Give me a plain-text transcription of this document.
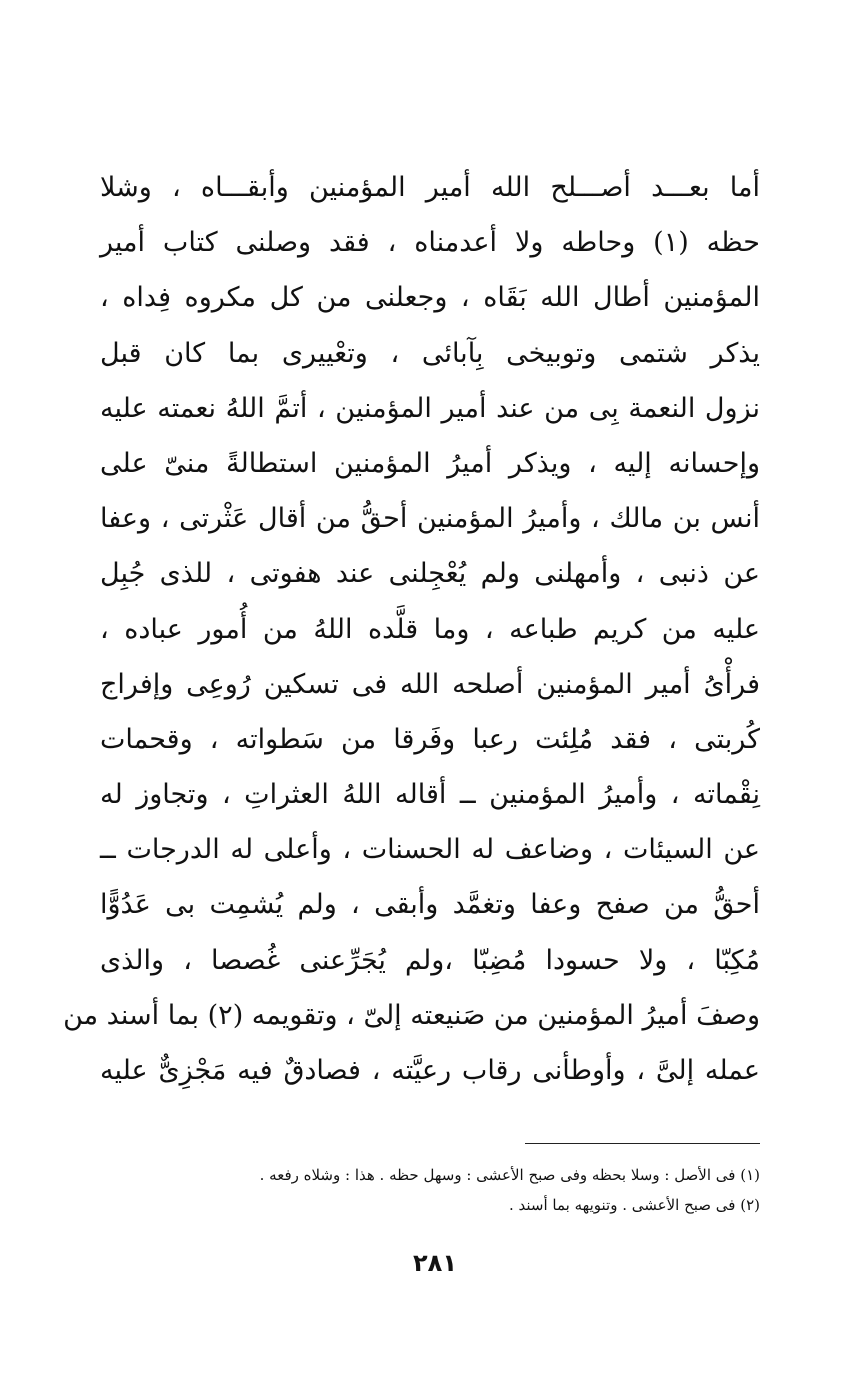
أما بعـــد أصـــلح الله أمير المؤمنين وأبقـــاه ، وشلا
حظه (١) وحاطه ولا أعدمناه ، فقد وصلنى كتاب أمير
المؤمنين أطال الله بَقَاه ، وجعلنى من كل مكروه فِداه ،
يذكر شتمى وتوبيخى بِآبائى ، وتعْييرى بما كان قبل
نزول النعمة بِى من عند أمير المؤمنين ، أتمَّ اللهُ نعمته عليه
وإحسانه إليه ، ويذكر أميرُ المؤمنين استطالةً منىّ على
أنس بن مالك ، وأميرُ المؤمنين أحقُّ من أقال عَثْرتى ، وعفا
عن ذنبى ، وأمهلنى ولم يُعْجِلنى عند هفوتى ، للذى جُبِل
عليه من كريم طباعه ، وما قلَّده اللهُ من أُمور عباده ،
فرأْىُ أمير المؤمنين أصلحه الله فى تسكين رُوعِى وإفراج
كُربتى ، فقد مُلِئت رعبا وفَرقا من سَطواته ، وقحمات
نِقْماته ، وأميرُ المؤمنين ــ أقاله اللهُ العثراتِ ، وتجاوز له
عن السيئات ، وضاعف له الحسنات ، وأعلى له الدرجات ــ
أحقُّ من صفح وعفا وتغمَّد وأبقى ، ولم يُشمِت بى عَدُوًّا
مُكِبّا ، ولا حسودا مُضِبّا ،ولم يُجَرِّعنى غُصصا ، والذى
وصفَ أميرُ المؤمنين من صَنيعته إلىّ ، وتقويمه (٢) بما أسند من
عمله إلىَّ ، وأوطأنى رقاب رعيَّته ، فصادقٌ فيه مَجْزِىٌّ عليه
(١) فى الأصل : وسلا بحظه وفى صبح الأعشى : وسهل حظه . هذا : وشلاه رفعه .
(٢) فى صبح الأعشى . وتنويهه بما أسند .
٢٨١
